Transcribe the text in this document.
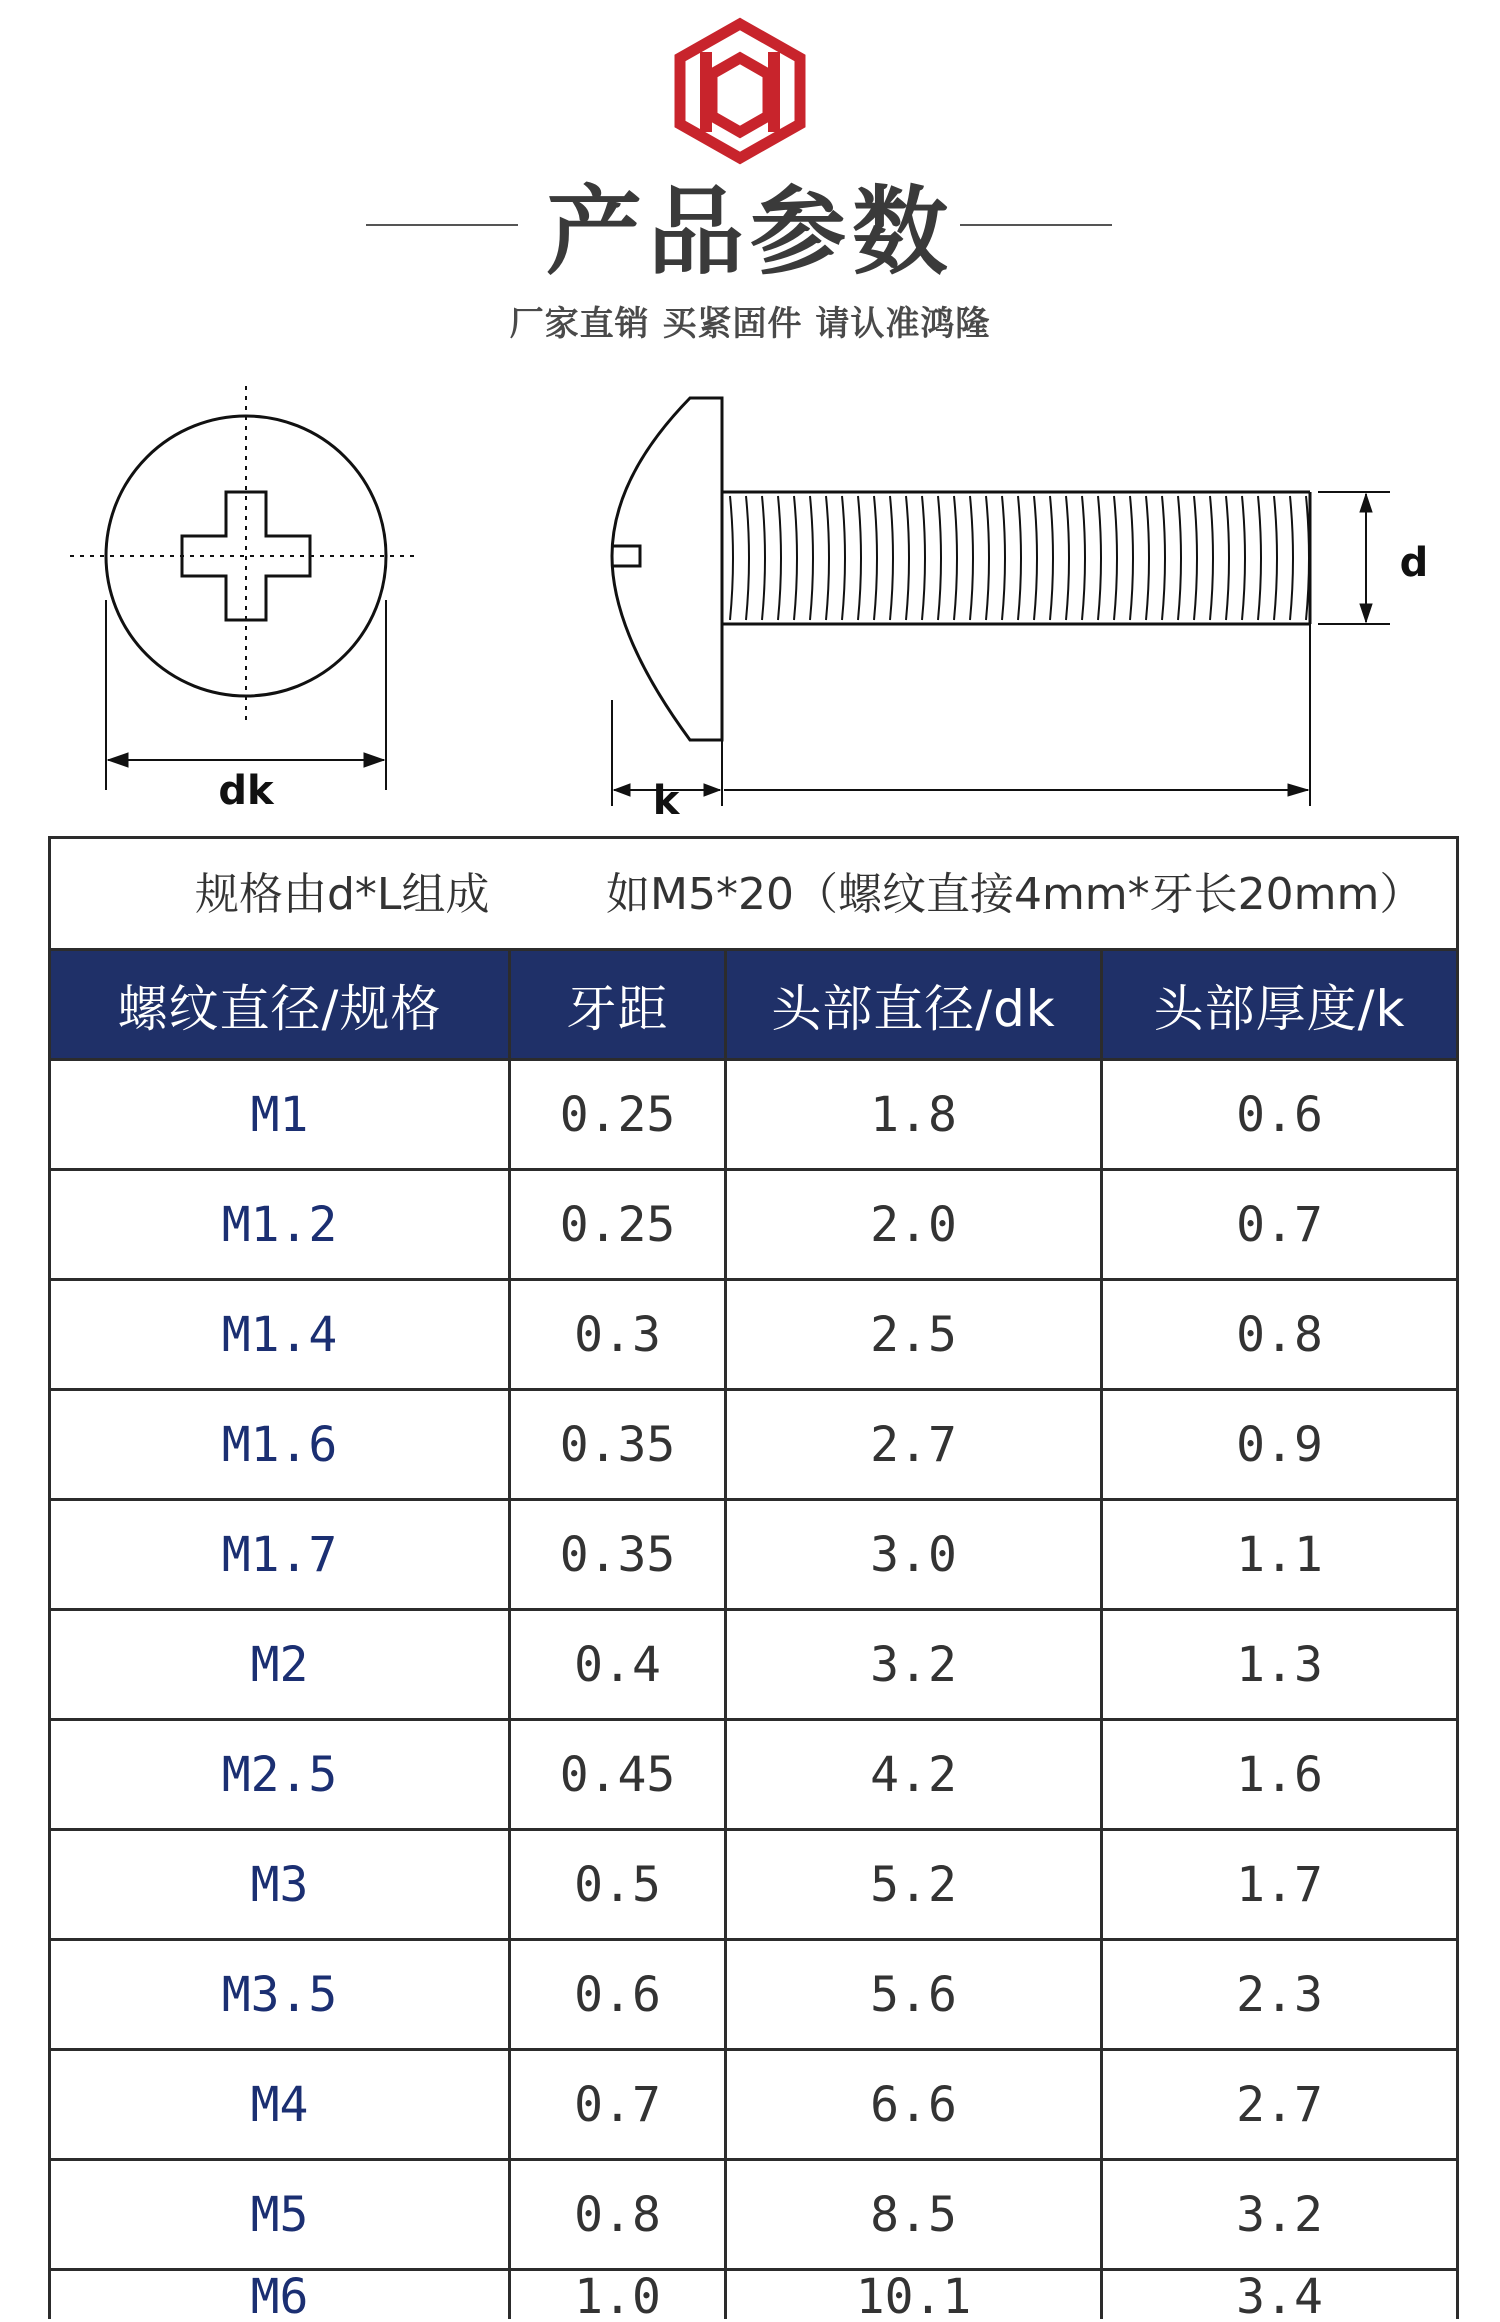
产品参数
厂家直销 买紧固件 请认准鸿隆
dk
d
k
规格由d*L组成 如M5*20（螺纹直接4mm*牙长20mm）			

螺纹直径/规格	牙距	头部直径/dk	头部厚度/k
M1	0.25	1.8	0.6
M1.2	0.25	2.0	0.7
M1.4	0.3	2.5	0.8
M1.6	0.35	2.7	0.9
M1.7	0.35	3.0	1.1
M2	0.4	3.2	1.3
M2.5	0.45	4.2	1.6
M3	0.5	5.2	1.7
M3.5	0.6	5.6	2.3
M4	0.7	6.6	2.7
M5	0.8	8.5	3.2

M6	1.0	10.1	3.4
